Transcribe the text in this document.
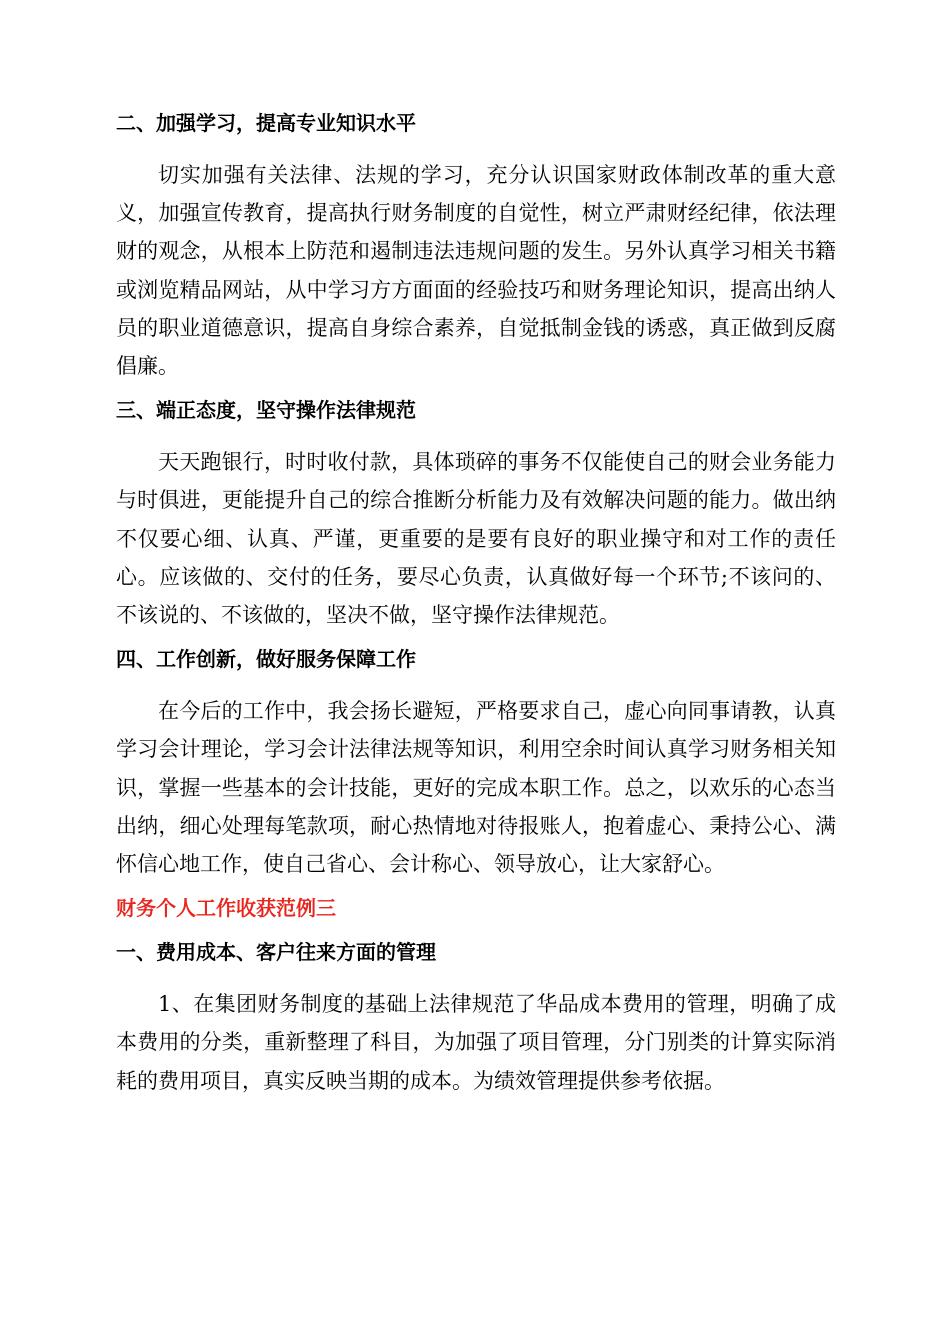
二、加强学习，提高专业知识水平

切实加强有关法律、法规的学习，充分认识国家财政体制改革的重大意义，加强宣传教育，提高执行财务制度的自觉性，树立严肃财经纪律，依法理财的观念，从根本上防范和遏制违法违规问题的发生。另外认真学习相关书籍或浏览精品网站，从中学习方方面面的经验技巧和财务理论知识，提高出纳人员的职业道德意识，提高自身综合素养，自觉抵制金钱的诱惑，真正做到反腐倡廉。

三、端正态度，坚守操作法律规范

天天跑银行，时时收付款，具体琐碎的事务不仅能使自己的财会业务能力与时俱进，更能提升自己的综合推断分析能力及有效解决问题的能力。做出纳不仅要心细、认真、严谨，更重要的是要有良好的职业操守和对工作的责任心。应该做的、交付的任务，要尽心负责，认真做好每一个环节;不该问的、不该说的、不该做的，坚决不做，坚守操作法律规范。

四、工作创新，做好服务保障工作

在今后的工作中，我会扬长避短，严格要求自己，虚心向同事请教，认真学习会计理论，学习会计法律法规等知识，利用空余时间认真学习财务相关知识，掌握一些基本的会计技能，更好的完成本职工作。总之，以欢乐的心态当出纳，细心处理每笔款项，耐心热情地对待报账人，抱着虚心、秉持公心、满怀信心地工作，使自己省心、会计称心、领导放心，让大家舒心。

财务个人工作收获范例三
一、费用成本、客户往来方面的管理

1、在集团财务制度的基础上法律规范了华品成本费用的管理，明确了成本费用的分类，重新整理了科目，为加强了项目管理，分门别类的计算实际消耗的费用项目，真实反映当期的成本。为绩效管理提供参考依据。
